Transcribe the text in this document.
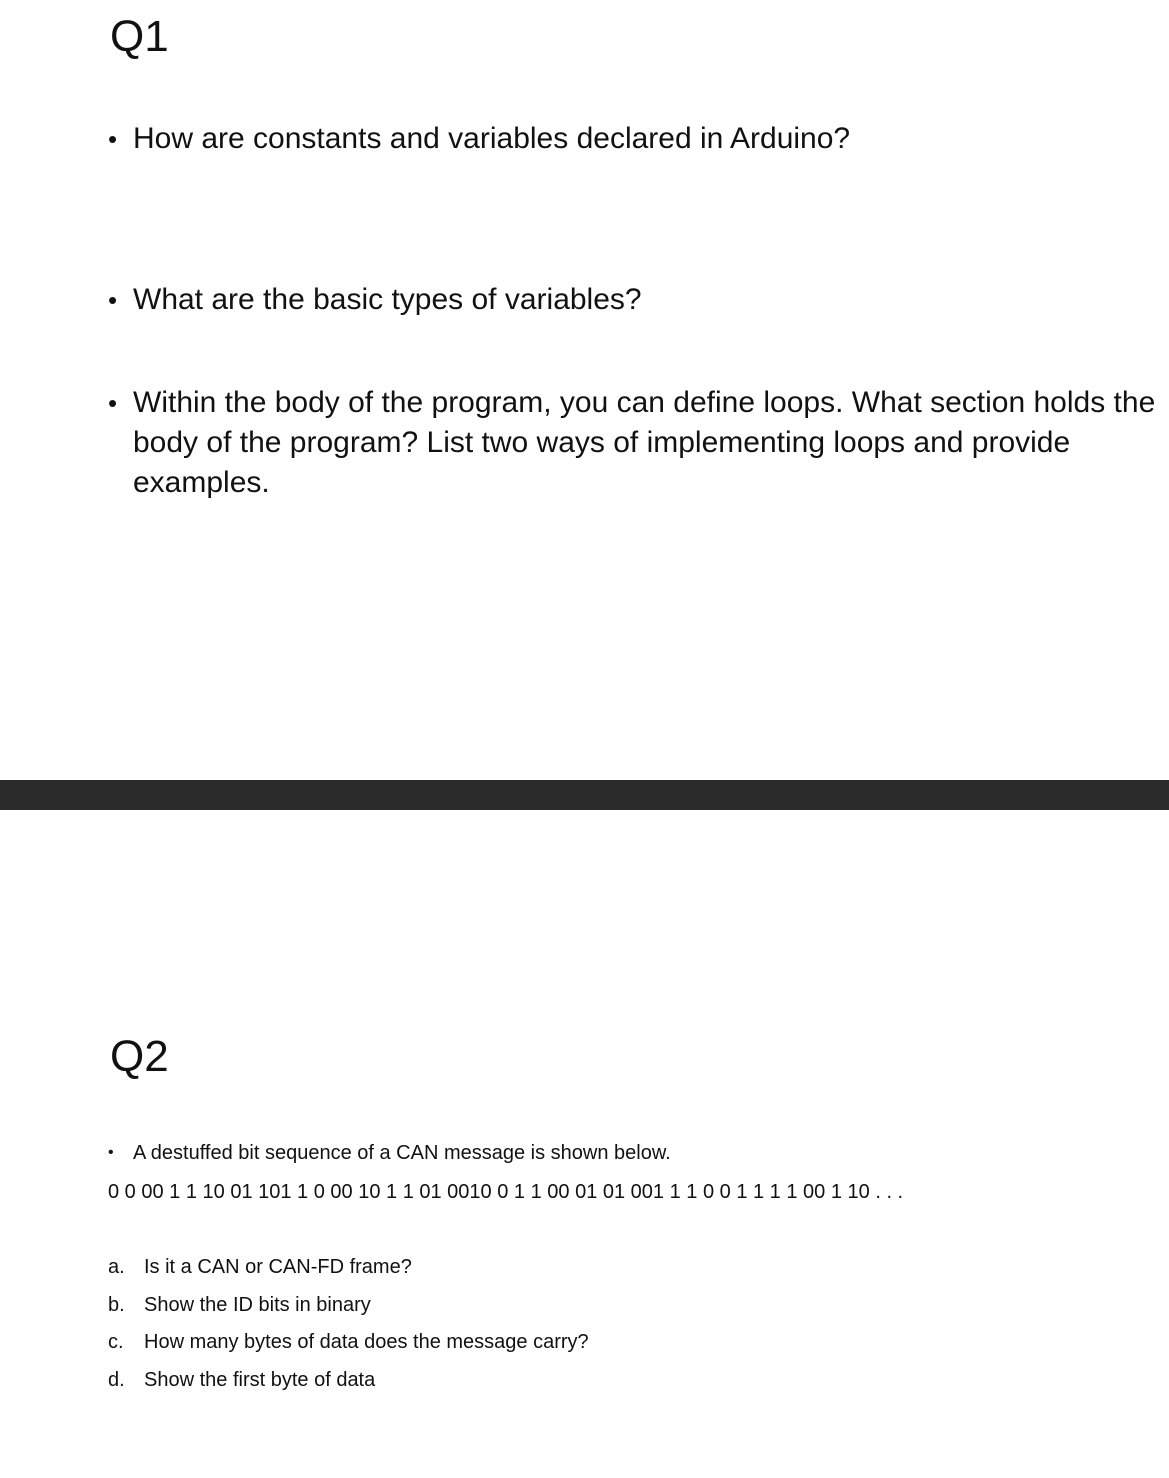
Q1
• How are constants and variables declared in Arduino?
• What are the basic types of variables?
• Within the body of the program, you can define loops. What section holds the body of the program? List two ways of implementing loops and provide examples.
Q2
• A destuffed bit sequence of a CAN message is shown below.
0 0 00 1 1 10 01 101 1 0 00 10 1 1 01 0010 0 1 1 00 01 01 001 1 1 0 0 1 1 1 1 00 1 10 . . .
a. Is it a CAN or CAN-FD frame?
b. Show the ID bits in binary
c.	How many bytes of data does the message carry?
d. Show the first byte of data
